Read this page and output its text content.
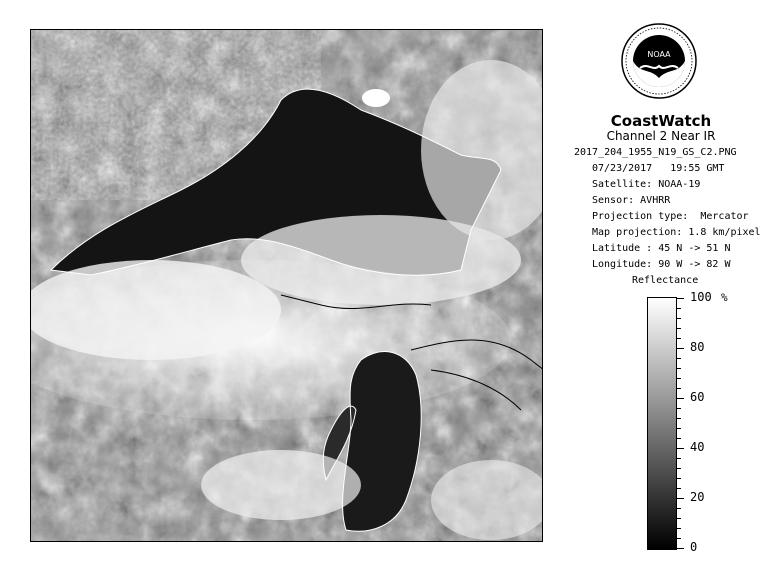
NOAA
CoastWatch
Channel 2 Near IR
2017_204_1955_N19_GS_C2.PNG
07/23/2017   19:55 GMT
Satellite: NOAA-19
Sensor: AVHRR
Projection type:  Mercator
Map projection: 1.8 km/pixel
Latitude : 45 N -> 51 N
Longitude: 90 W -> 82 W
Reflectance
%
100
80
60
40
20
0
